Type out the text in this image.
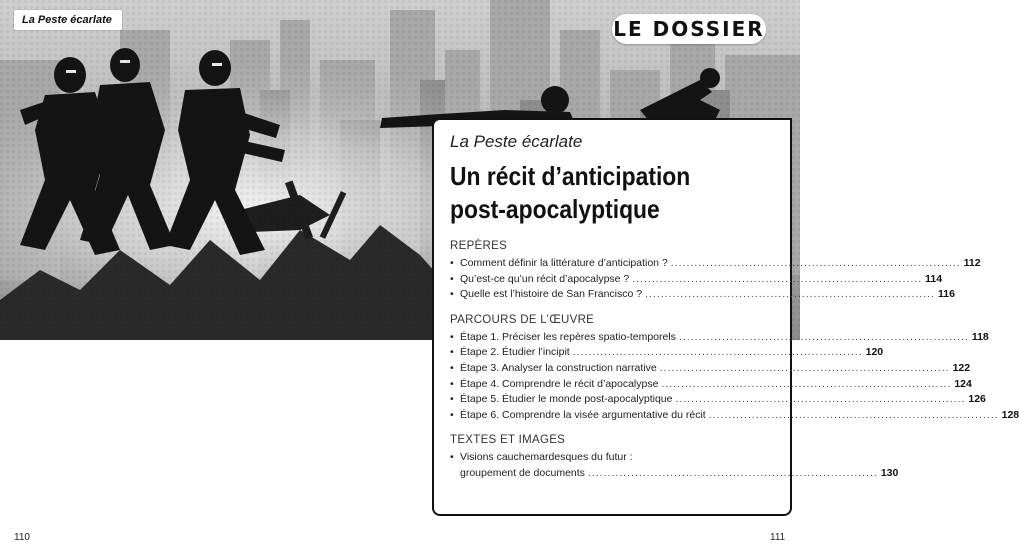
La Peste écarlate	LE DOSSIER
La Peste écarlate
Un récit d’anticipation
post-apocalyptique
REPÈRES
• Comment définir la littérature d’anticipation ? .......................................................................... 112
• Qu’est-ce qu’un récit d’apocalypse ? .......................................................................... 114
• Quelle est l’histoire de San Francisco ? .......................................................................... 116
PARCOURS DE L’ŒUVRE
• Étape 1. Préciser les repères spatio-temporels .......................................................................... 118
• Étape 2. Étudier l’incipit .......................................................................... 120
• Étape 3. Analyser la construction narrative .......................................................................... 122
• Étape 4. Comprendre le récit d’apocalypse .......................................................................... 124
• Étape 5. Étudier le monde post-apocalyptique .......................................................................... 126
• Étape 6. Comprendre la visée argumentative du récit .......................................................................... 128
TEXTES ET IMAGES
• Visions cauchemardesques du futur :
groupement de documents .......................................................................... 130
110	111
